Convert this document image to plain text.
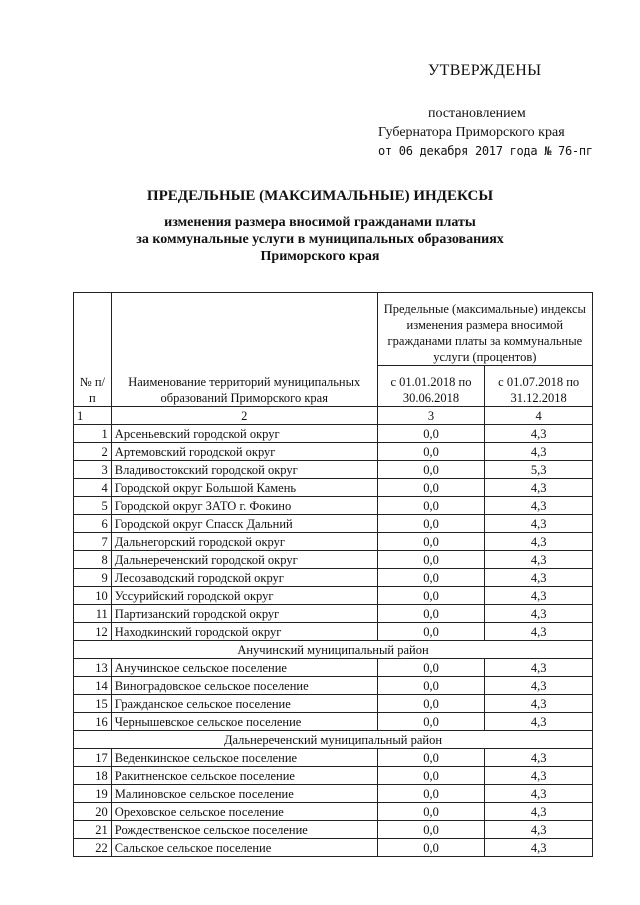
УТВЕРЖДЕНЫ
постановлением
Губернатора Приморского края
от 06 декабря 2017 года № 76-пг
ПРЕДЕЛЬНЫЕ (МАКСИМАЛЬНЫЕ) ИНДЕКСЫ
изменения размера вносимой гражданами платы
за коммунальные услуги в муниципальных образованиях
Приморского края
№ п/п	Наименование территорий муниципальных образований Приморского края	Предельные (максимальные) индексы изменения размера вносимой гражданами платы за коммунальные услуги (процентов)	
		с 01.01.2018 по 30.06.2018	с 01.07.2018 по 31.12.2018
1	2	3	4
1	Арсеньевский городской округ	0,0	4,3
2	Артемовский городской округ	0,0	4,3
3	Владивостокский городской округ	0,0	5,3
4	Городской округ Большой Камень	0,0	4,3
5	Городской округ ЗАТО г. Фокино	0,0	4,3
6	Городской округ Спасск Дальний	0,0	4,3
7	Дальнегорский городской округ	0,0	4,3
8	Дальнереченский городской округ	0,0	4,3
9	Лесозаводский городской округ	0,0	4,3
10	Уссурийский городской округ	0,0	4,3
11	Партизанский городской округ	0,0	4,3
12	Находкинский городской округ	0,0	4,3
Анучинский муниципальный район			
13	Анучинское сельское поселение	0,0	4,3
14	Виноградовское сельское поселение	0,0	4,3
15	Гражданское сельское поселение	0,0	4,3
16	Чернышевское сельское поселение	0,0	4,3
Дальнереченский муниципальный район			
17	Веденкинское сельское поселение	0,0	4,3
18	Ракитненское сельское поселение	0,0	4,3
19	Малиновское сельское поселение	0,0	4,3
20	Ореховское сельское поселение	0,0	4,3
21	Рождественское сельское поселение	0,0	4,3
22	Сальское сельское поселение	0,0	4,3
